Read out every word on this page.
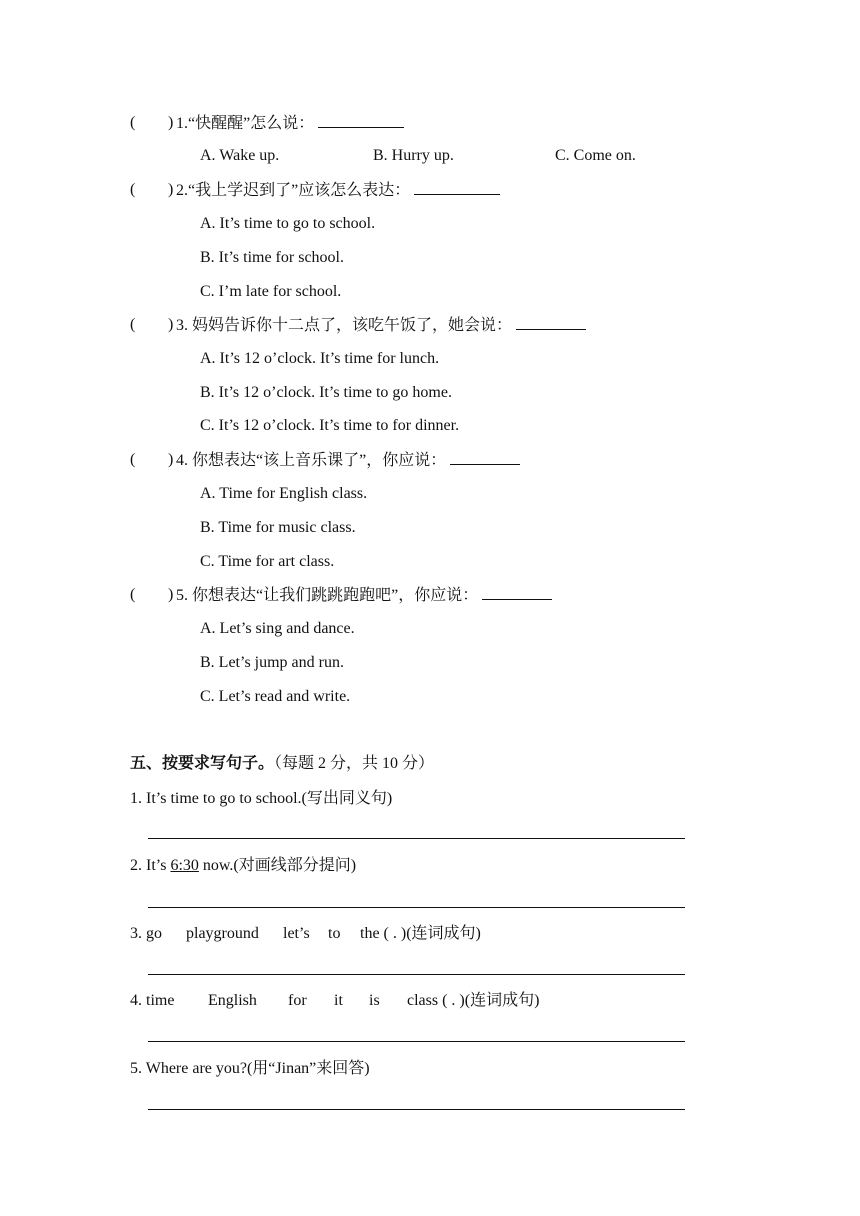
( ) 1.“快醒醒”怎么说：
A. Wake up.	B. Hurry up.	C. Come on.
( ) 2.“我上学迟到了”应该怎么表达：
A. It’s time to go to school.
B. It’s time for school.
C. I’m late for school.
( ) 3. 妈妈告诉你十二点了，该吃午饭了，她会说：
A. It’s 12 o’clock. It’s time for lunch.
B. It’s 12 o’clock. It’s time to go home.
C. It’s 12 o’clock. It’s time to for dinner.
( ) 4. 你想表达“该上音乐课了”，你应说：
A. Time for English class.
B. Time for music class.
C. Time for art class.
( ) 5. 你想表达“让我们跳跳跑跑吧”，你应说：
A. Let’s sing and dance.
B. Let’s jump and run.
C. Let’s read and write.
五、按要求写句子。（每题 2 分，共 10 分）
1. It’s time to go to school.(写出同义句)
2. It’s 6:30 now.(对画线部分提问)
3. go playground let’s to the ( . )(连词成句)
4. time English for it is class ( . )(连词成句)
5. Where are you?(用“Jinan”来回答)
